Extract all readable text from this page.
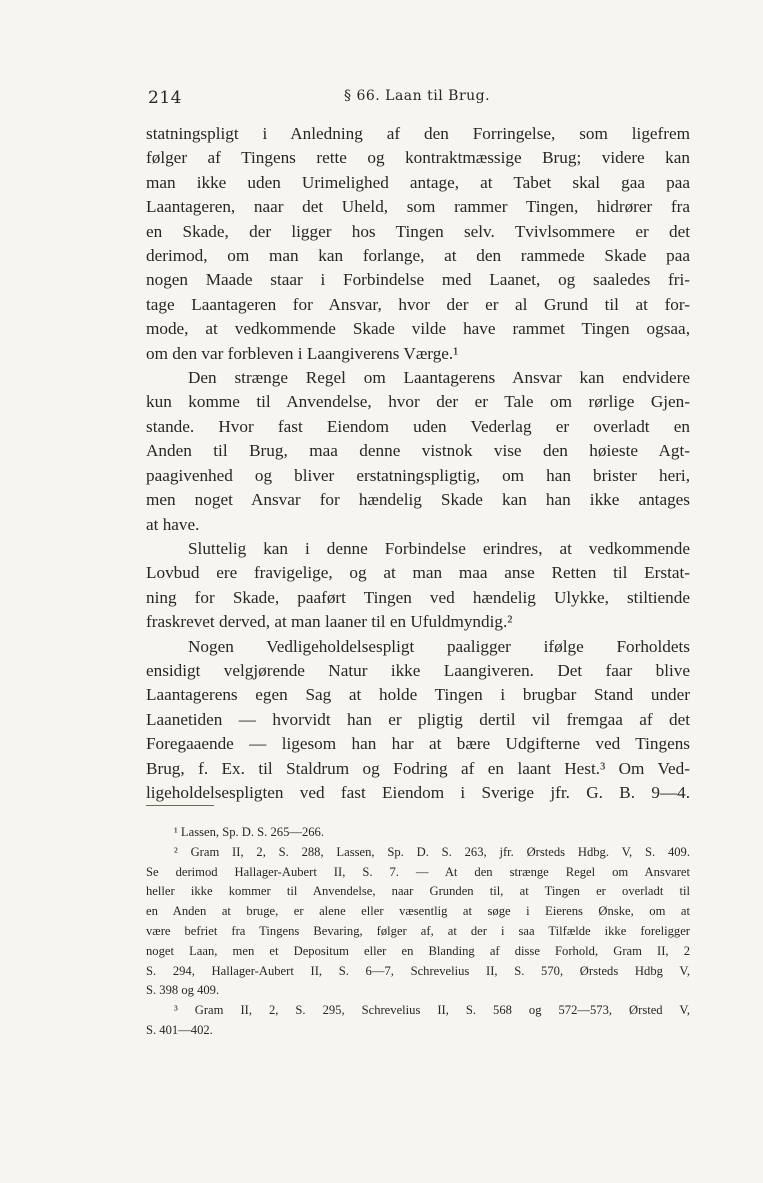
214	§ 66. Laan til Brug.
statningspligt i Anledning af den Forringelse, som ligefrem
følger af Tingens rette og kontraktmæssige Brug; videre kan
man ikke uden Urimelighed antage, at Tabet skal gaa paa
Laantageren, naar det Uheld, som rammer Tingen, hidrører fra
en Skade, der ligger hos Tingen selv. Tvivlsommere er det
derimod, om man kan forlange, at den rammede Skade paa
nogen Maade staar i Forbindelse med Laanet, og saaledes fri-
tage Laantageren for Ansvar, hvor der er al Grund til at for-
mode, at vedkommende Skade vilde have rammet Tingen ogsaa,
om den var forbleven i Laangiverens Værge.¹
Den strænge Regel om Laantagerens Ansvar kan endvidere
kun komme til Anvendelse, hvor der er Tale om rørlige Gjen-
stande. Hvor fast Eiendom uden Vederlag er overladt en
Anden til Brug, maa denne vistnok vise den høieste Agt-
paagivenhed og bliver erstatningspligtig, om han brister heri,
men noget Ansvar for hændelig Skade kan han ikke antages
at have.
Sluttelig kan i denne Forbindelse erindres, at vedkommende
Lovbud ere fravigelige, og at man maa anse Retten til Erstat-
ning for Skade, paaført Tingen ved hændelig Ulykke, stiltiende
fraskrevet derved, at man laaner til en Ufuldmyndig.²
Nogen Vedligeholdelsespligt paaligger ifølge Forholdets
ensidigt velgjørende Natur ikke Laangiveren. Det faar blive
Laantagerens egen Sag at holde Tingen i brugbar Stand under
Laanetiden — hvorvidt han er pligtig dertil vil fremgaa af det
Foregaaende — ligesom han har at bære Udgifterne ved Tingens
Brug, f. Ex. til Staldrum og Fodring af en laant Hest.³ Om Ved-
ligeholdelsespligten ved fast Eiendom i Sverige jfr. G. B. 9—4.
¹ Lassen, Sp. D. S. 265—266.
² Gram II, 2, S. 288, Lassen, Sp. D. S. 263, jfr. Ørsteds Hdbg. V, S. 409.
Se derimod Hallager-Aubert II, S. 7. — At den strænge Regel om Ansvaret
heller ikke kommer til Anvendelse, naar Grunden til, at Tingen er overladt til
en Anden at bruge, er alene eller væsentlig at søge i Eierens Ønske, om at
være befriet fra Tingens Bevaring, følger af, at der i saa Tilfælde ikke foreligger
noget Laan, men et Depositum eller en Blanding af disse Forhold, Gram II, 2
S. 294, Hallager-Aubert II, S. 6—7, Schrevelius II, S. 570, Ørsteds Hdbg V,
S. 398 og 409.
³ Gram II, 2, S. 295, Schrevelius II, S. 568 og 572—573, Ørsted V,
S. 401—402.
